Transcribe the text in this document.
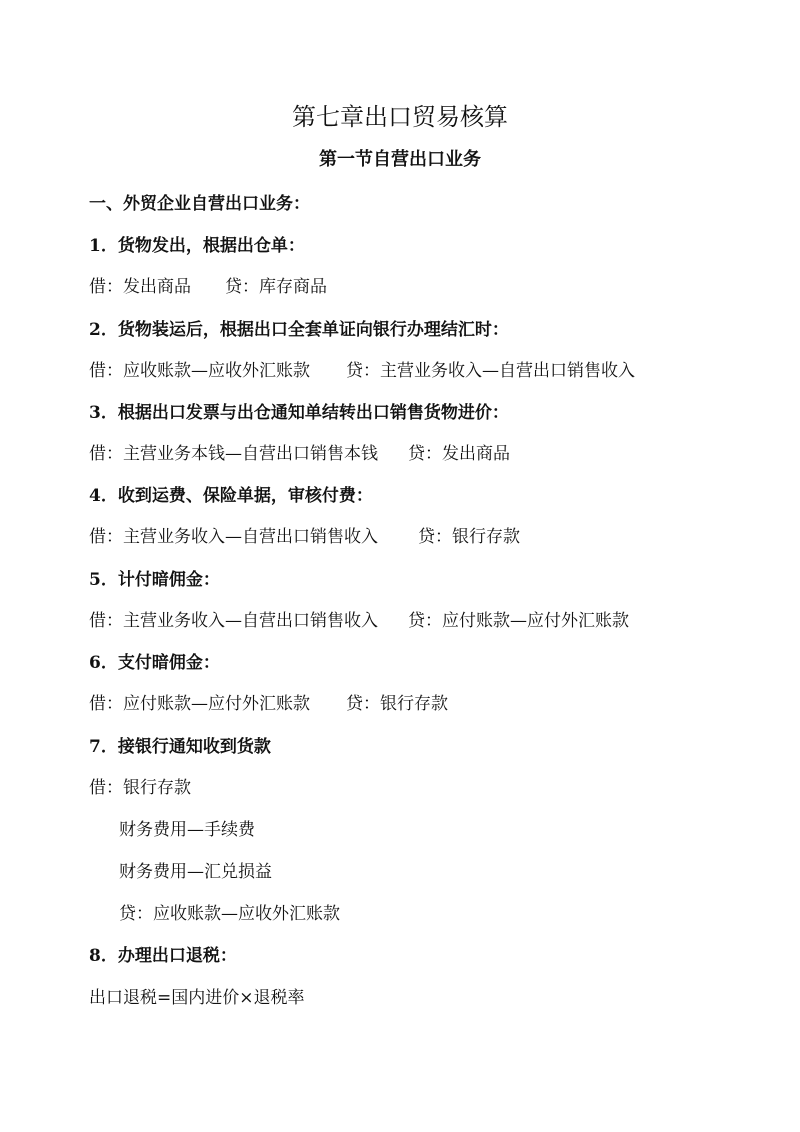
第七章出口贸易核算
第一节自营出口业务
一、外贸企业自营出口业务：
1．货物发出，根据出仓单：
借：发出商品 贷：库存商品
2．货物装运后，根据出口全套单证向银行办理结汇时：
借：应收账款—应收外汇账款 贷：主营业务收入—自营出口销售收入
3．根据出口发票与出仓通知单结转出口销售货物进价：
借：主营业务本钱—自营出口销售本钱 贷：发出商品
4．收到运费、保险单据，审核付费：
借：主营业务收入—自营出口销售收入 贷：银行存款
5．计付暗佣金：
借：主营业务收入—自营出口销售收入 贷：应付账款—应付外汇账款
6．支付暗佣金：
借：应付账款—应付外汇账款 贷：银行存款
7．接银行通知收到货款
借：银行存款
财务费用—手续费
财务费用—汇兑损益
贷：应收账款—应收外汇账款
8．办理出口退税：
出口退税=国内进价×退税率
